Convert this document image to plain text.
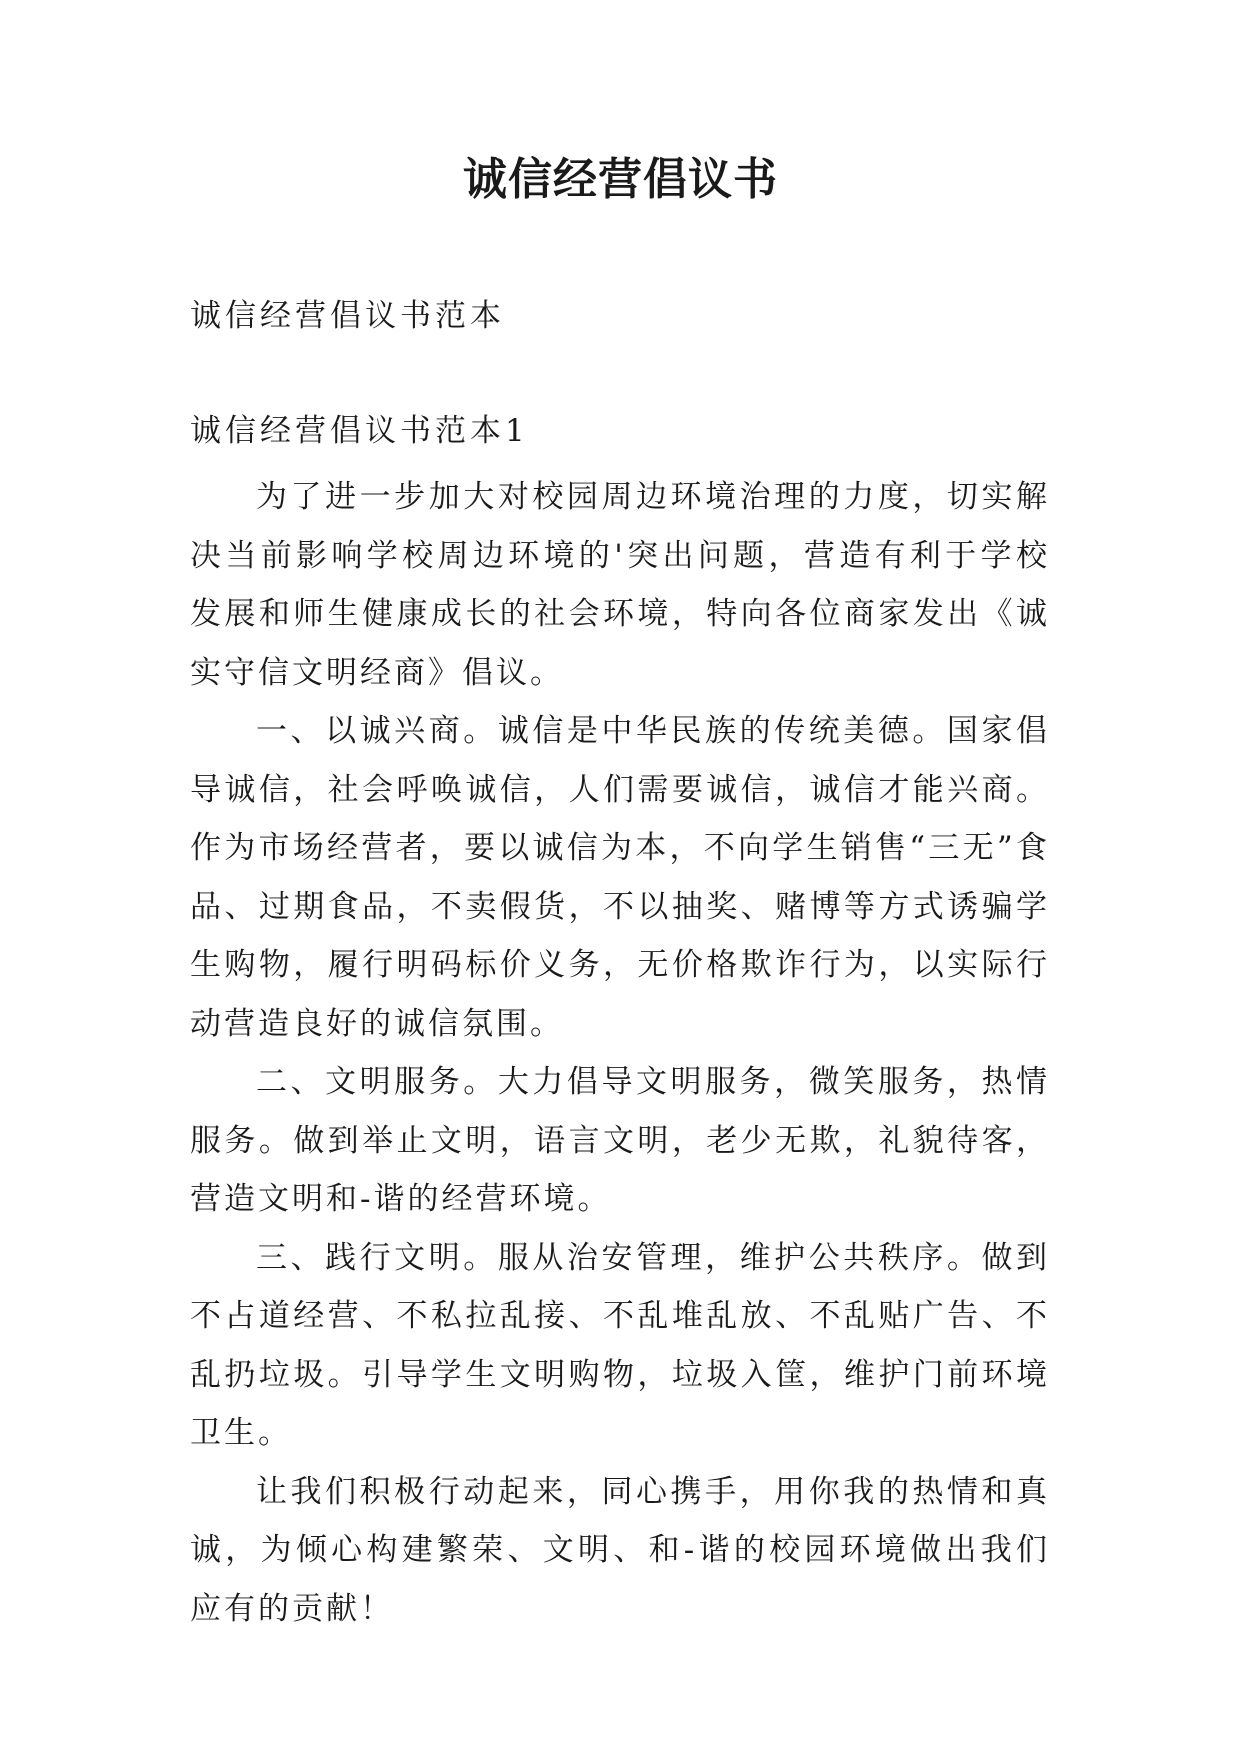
诚信经营倡议书
诚信经营倡议书范本
诚信经营倡议书范本1

为了进一步加大对校园周边环境治理的力度，切实解决当前影响学校周边环境的'突出问题，营造有利于学校发展和师生健康成长的社会环境，特向各位商家发出《诚实守信文明经商》倡议。

一、以诚兴商。诚信是中华民族的传统美德。国家倡导诚信，社会呼唤诚信，人们需要诚信，诚信才能兴商。作为市场经营者，要以诚信为本，不向学生销售“三无”食品、过期食品，不卖假货，不以抽奖、赌博等方式诱骗学生购物，履行明码标价义务，无价格欺诈行为，以实际行动营造良好的诚信氛围。

二、文明服务。大力倡导文明服务，微笑服务，热情服务。做到举止文明，语言文明，老少无欺，礼貌待客，营造文明和-谐的经营环境。

三、践行文明。服从治安管理，维护公共秩序。做到不占道经营、不私拉乱接、不乱堆乱放、不乱贴广告、不乱扔垃圾。引导学生文明购物，垃圾入筐，维护门前环境卫生。

让我们积极行动起来，同心携手，用你我的热情和真诚，为倾心构建繁荣、文明、和-谐的校园环境做出我们应有的贡献！
